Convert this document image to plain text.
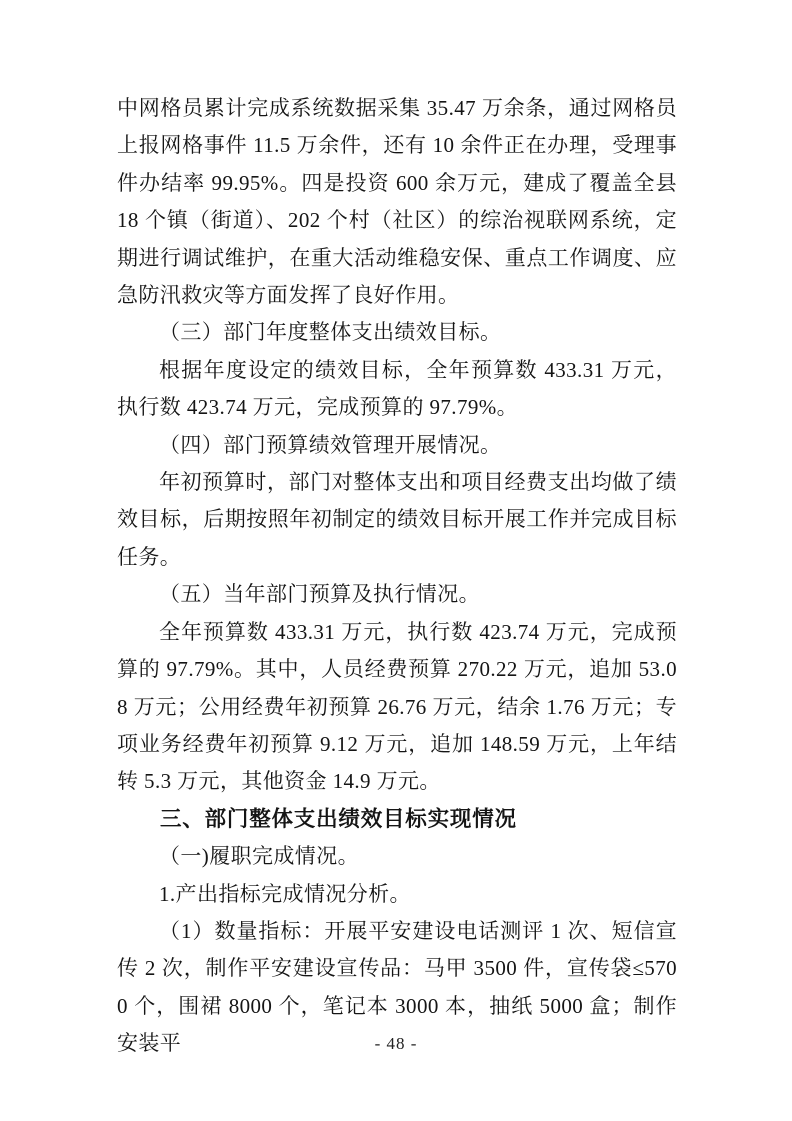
中网格员累计完成系统数据采集 35.47 万余条，通过网格员上报网格事件 11.5 万余件，还有 10 余件正在办理，受理事件办结率 99.95%。四是投资 600 余万元，建成了覆盖全县 18 个镇（街道）、202 个村（社区）的综治视联网系统，定期进行调试维护，在重大活动维稳安保、重点工作调度、应急防汛救灾等方面发挥了良好作用。

（三）部门年度整体支出绩效目标。

根据年度设定的绩效目标，全年预算数 433.31 万元，执行数 423.74 万元，完成预算的 97.79%。

（四）部门预算绩效管理开展情况。

年初预算时，部门对整体支出和项目经费支出均做了绩效目标，后期按照年初制定的绩效目标开展工作并完成目标任务。

（五）当年部门预算及执行情况。

全年预算数 433.31 万元，执行数 423.74 万元，完成预算的 97.79%。其中，人员经费预算 270.22 万元，追加 53.08 万元；公用经费年初预算 26.76 万元，结余 1.76 万元；专项业务经费年初预算 9.12 万元，追加 148.59 万元，上年结转 5.3 万元，其他资金 14.9 万元。

三、部门整体支出绩效目标实现情况

（一)履职完成情况。

1.产出指标完成情况分析。

（1）数量指标：开展平安建设电话测评 1 次、短信宣传 2 次，制作平安建设宣传品：马甲 3500 件，宣传袋≤5700 个，围裙 8000 个，笔记本 3000 本，抽纸 5000 盒；制作安装平	- 48 -
